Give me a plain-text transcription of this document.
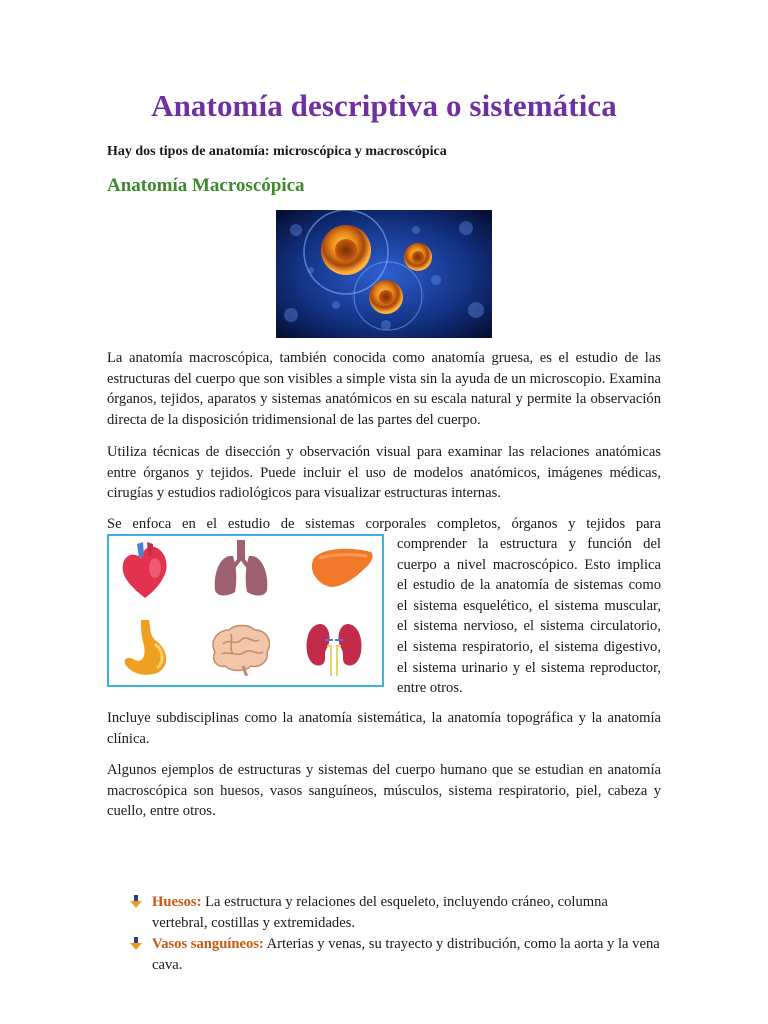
Anatomía descriptiva o sistemática

Hay dos tipos de anatomía: microscópica y macroscópica

Anatomía Macroscópica

La anatomía macroscópica, también conocida como anatomía gruesa, es el estudio de las estructuras del cuerpo que son visibles a simple vista sin la ayuda de un microscopio. Examina órganos, tejidos, aparatos y sistemas anatómicos en su escala natural y permite la observación directa de la disposición tridimensional de las partes del cuerpo.

Utiliza técnicas de disección y observación visual para examinar las relaciones anatómicas entre órganos y tejidos. Puede incluir el uso de modelos anatómicos, imágenes médicas, cirugías y estudios radiológicos para visualizar estructuras internas.

Se enfoca en el estudio de sistemas corporales completos, órganos y tejidos para

comprender la estructura y función del
cuerpo a nivel macroscópico. Esto implica
el estudio de la anatomía de sistemas como
el sistema esquelético, el sistema muscular,
el sistema nervioso, el sistema circulatorio,
el sistema respiratorio, el sistema digestivo,
el sistema urinario y el sistema reproductor,
entre otros.

Incluye subdisciplinas como la anatomía sistemática, la anatomía topográfica y la anatomía clínica.

Algunos ejemplos de estructuras y sistemas del cuerpo humano que se estudian en anatomía macroscópica son huesos, vasos sanguíneos, músculos, sistema respiratorio, piel, cabeza y cuello, entre otros.

Huesos: La estructura y relaciones del esqueleto, incluyendo cráneo, columna vertebral, costillas y extremidades.
Vasos sanguíneos: Arterias y venas, su trayecto y distribución, como la aorta y la vena cava.
